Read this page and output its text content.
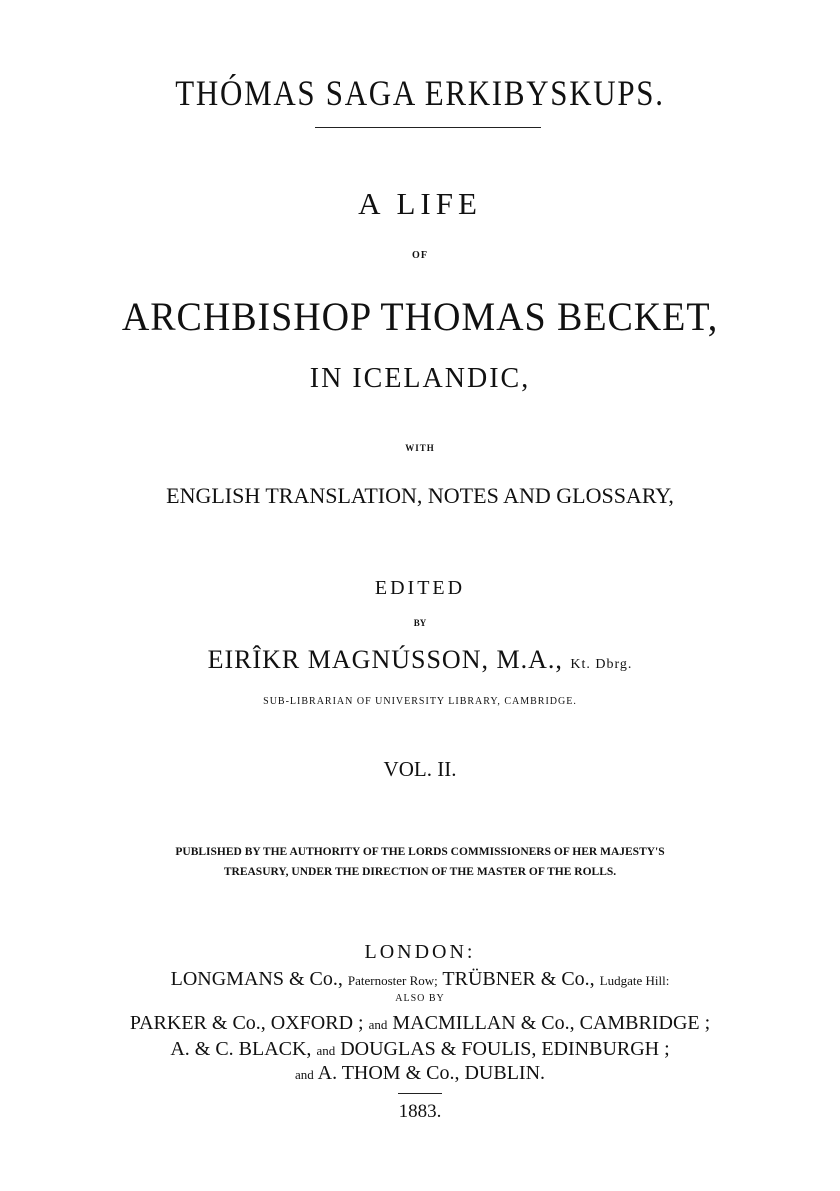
THÓMAS SAGA ERKIBYSKUPS.
A LIFE
OF
ARCHBISHOP THOMAS BECKET,
IN ICELANDIC,
WITH
ENGLISH TRANSLATION, NOTES AND GLOSSARY,
EDITED
BY
EIRÎKR MAGNÚSSON, M.A., Kt. Dbrg.
SUB-LIBRARIAN OF UNIVERSITY LIBRARY, CAMBRIDGE.
VOL. II.
PUBLISHED BY THE AUTHORITY OF THE LORDS COMMISSIONERS OF HER MAJESTY'S
TREASURY, UNDER THE DIRECTION OF THE MASTER OF THE ROLLS.
LONDON:
LONGMANS & Co., Paternoster Row; TRÜBNER & Co., Ludgate Hill:
ALSO BY
PARKER & Co., OXFORD ; and MACMILLAN & Co., CAMBRIDGE ;
A. & C. BLACK, and DOUGLAS & FOULIS, EDINBURGH ;
and A. THOM & Co., DUBLIN.
1883.
